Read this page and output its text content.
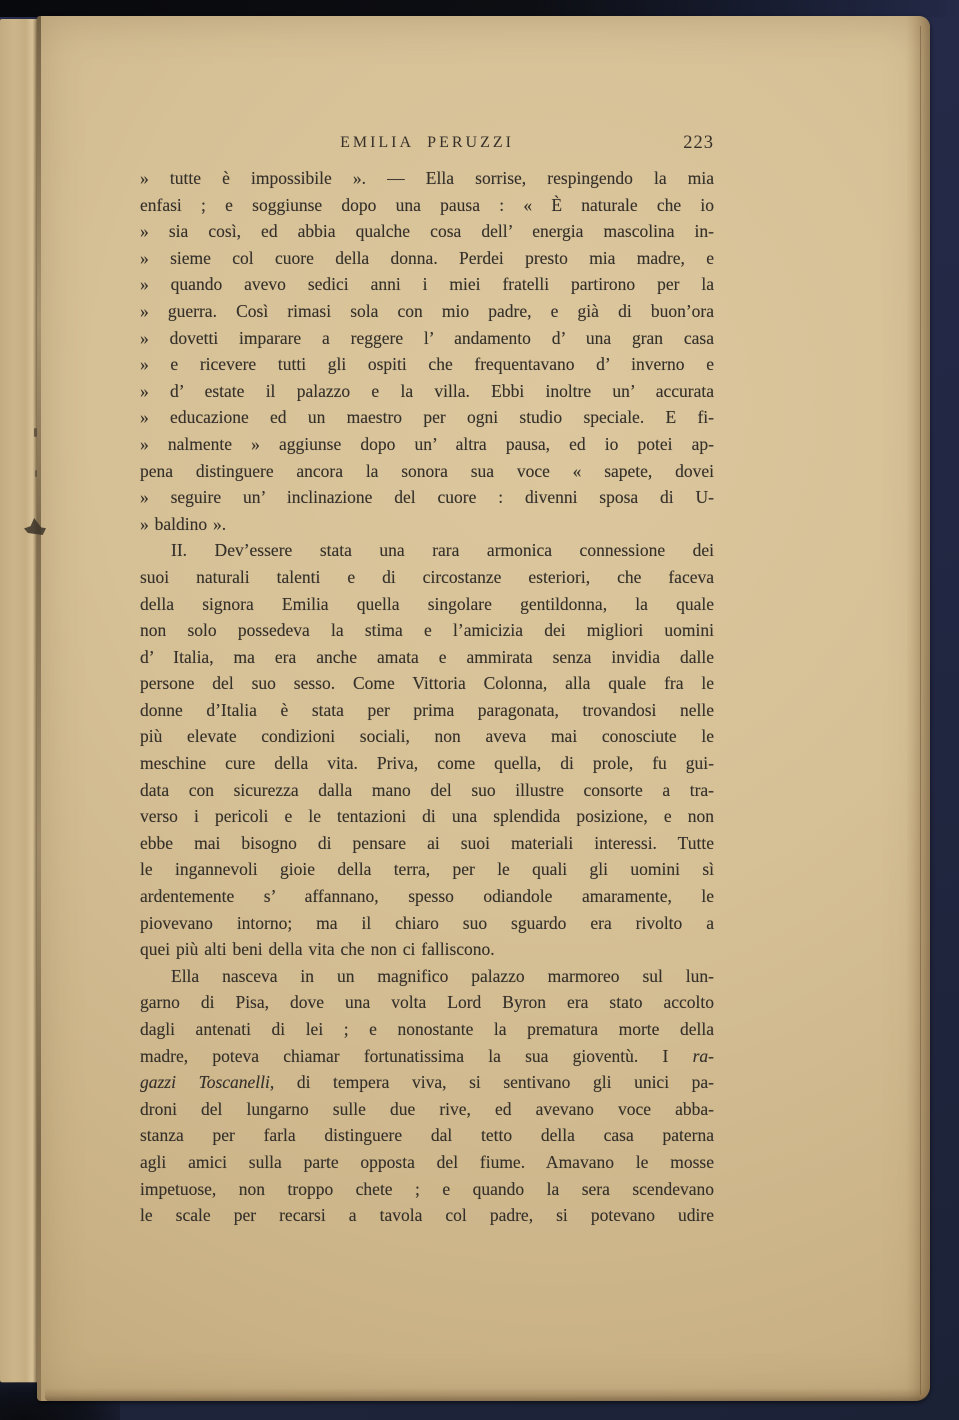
EMILIA PERUZZI	223
» tutte è impossibile ». — Ella sorrise, respingendo la mia
enfasi ; e soggiunse dopo una pausa : « È naturale che io
» sia così, ed abbia qualche cosa dell’ energia mascolina in-
» sieme col cuore della donna. Perdei presto mia madre, e
» quando avevo sedici anni i miei fratelli partirono per la
» guerra. Così rimasi sola con mio padre, e già di buon’ora
» dovetti imparare a reggere l’ andamento d’ una gran casa
» e ricevere tutti gli ospiti che frequentavano d’ inverno e
» d’ estate il palazzo e la villa. Ebbi inoltre un’ accurata
» educazione ed un maestro per ogni studio speciale. E fi-
» nalmente » aggiunse dopo un’ altra pausa, ed io potei ap-
pena distinguere ancora la sonora sua voce « sapete, dovei
» seguire un’ inclinazione del cuore : divenni sposa di U-
» baldino ».
II. Dev’essere stata una rara armonica connessione dei
suoi naturali talenti e di circostanze esteriori, che faceva
della signora Emilia quella singolare gentildonna, la quale
non solo possedeva la stima e l’amicizia dei migliori uomini
d’ Italia, ma era anche amata e ammirata senza invidia dalle
persone del suo sesso. Come Vittoria Colonna, alla quale fra le
donne d’Italia è stata per prima paragonata, trovandosi nelle
più elevate condizioni sociali, non aveva mai conosciute le
meschine cure della vita. Priva, come quella, di prole, fu gui-
data con sicurezza dalla mano del suo illustre consorte a tra-
verso i pericoli e le tentazioni di una splendida posizione, e non
ebbe mai bisogno di pensare ai suoi materiali interessi. Tutte
le ingannevoli gioie della terra, per le quali gli uomini sì
ardentemente s’ affannano, spesso odiandole amaramente, le
piovevano intorno; ma il chiaro suo sguardo era rivolto a
quei più alti beni della vita che non ci falliscono.
Ella nasceva in un magnifico palazzo marmoreo sul lun-
garno di Pisa, dove una volta Lord Byron era stato accolto
dagli antenati di lei ; e nonostante la prematura morte della
madre, poteva chiamar fortunatissima la sua gioventù. I ra-
gazzi Toscanelli, di tempera viva, si sentivano gli unici pa-
droni del lungarno sulle due rive, ed avevano voce abba-
stanza per farla distinguere dal tetto della casa paterna
agli amici sulla parte opposta del fiume. Amavano le mosse
impetuose, non troppo chete ; e quando la sera scendevano
le scale per recarsi a tavola col padre, si potevano udire
